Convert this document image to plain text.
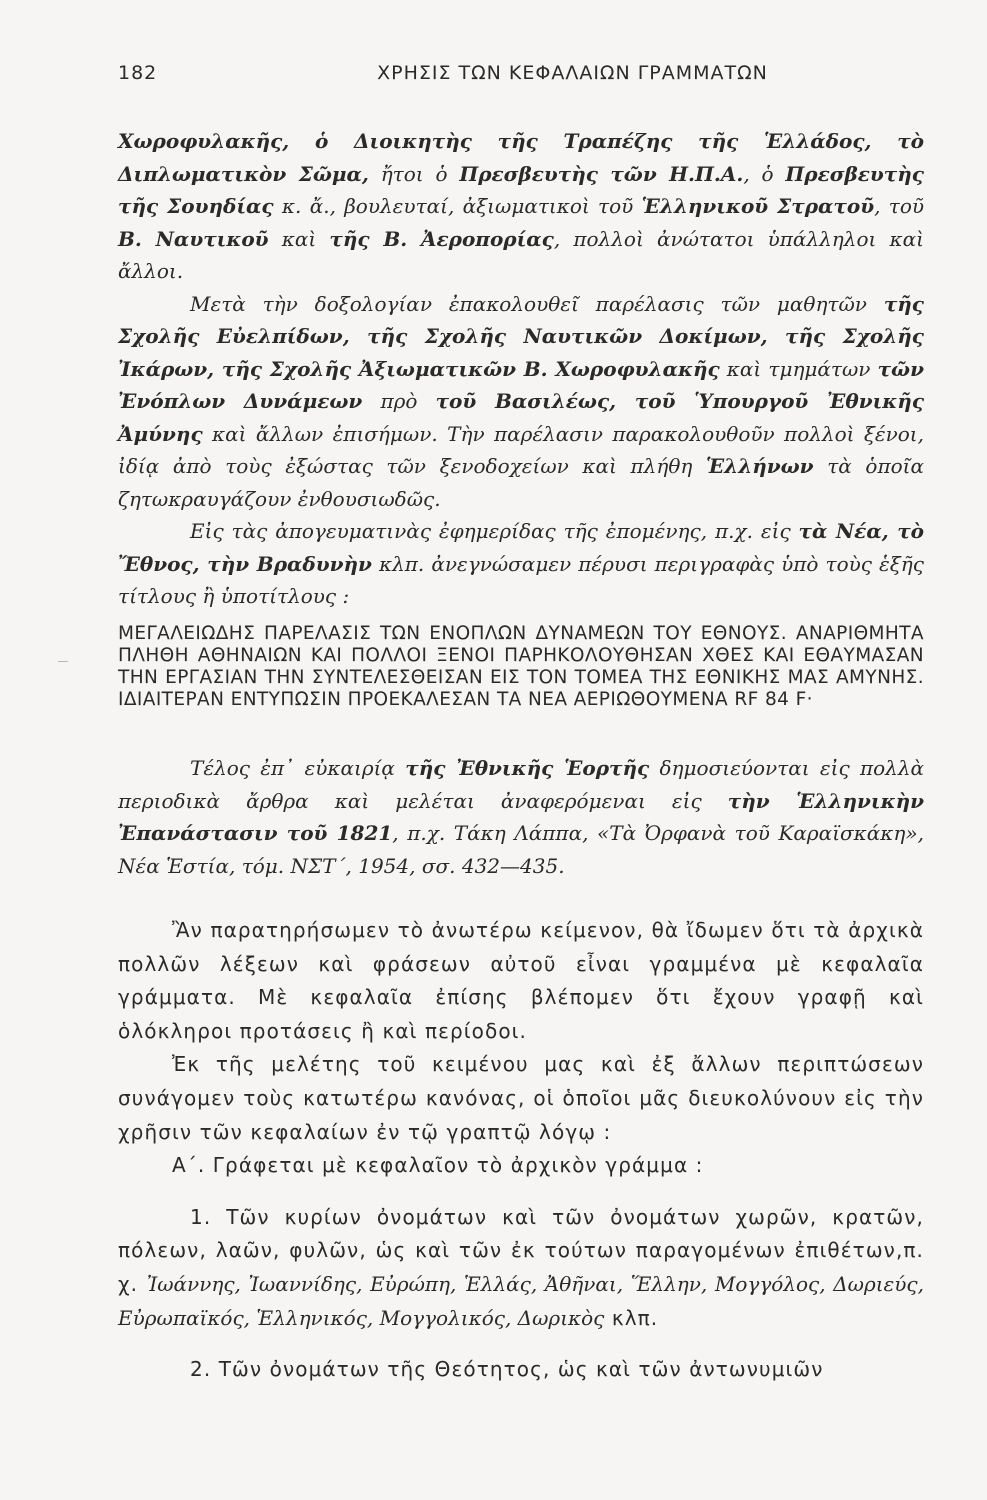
182	ΧΡΗΣΙΣ ΤΩΝ ΚΕΦΑΛΑΙΩΝ ΓΡΑΜΜΑΤΩΝ

Χωροφυλακῆς, ὁ Διοικητὴς τῆς Τραπέζης τῆς Ἑλλάδος, τὸ Διπλωματικὸν Σῶμα, ἤτοι ὁ Πρεσβευτὴς τῶν Η.Π.Α., ὁ Πρεσβευτὴς τῆς Σουηδίας κ. ἄ., βουλευταί, ἀξιωματικοὶ τοῦ Ἑλληνικοῦ Στρατοῦ, τοῦ Β. Ναυτικοῦ καὶ τῆς Β. Ἀεροπορίας, πολλοὶ ἀνώτατοι ὑπάλληλοι καὶ ἄλλοι.

Μετὰ τὴν δοξολογίαν ἐπακολουθεῖ παρέλασις τῶν μαθητῶν τῆς Σχολῆς Εὐελπίδων, τῆς Σχολῆς Ναυτικῶν Δοκίμων, τῆς Σχολῆς Ἰκάρων, τῆς Σχολῆς Ἀξιωματικῶν Β. Χωροφυλακῆς καὶ τμημάτων τῶν Ἐνόπλων Δυνάμεων πρὸ τοῦ Βασιλέως, τοῦ Ὑπουργοῦ Ἐθνικῆς Ἀμύνης καὶ ἄλλων ἐπισήμων. Τὴν παρέλασιν παρακολουθοῦν πολλοὶ ξένοι, ἰδίᾳ ἀπὸ τοὺς ἐξώστας τῶν ξενοδοχείων καὶ πλήθη Ἑλλήνων τὰ ὁποῖα ζητωκραυγάζουν ἐνθουσιωδῶς.

Εἰς τὰς ἀπογευματινὰς ἐφημερίδας τῆς ἐπομένης, π.χ. εἰς τὰ Νέα, τὸ Ἔθνος, τὴν Βραδυνὴν κλπ. ἀνεγνώσαμεν πέρυσι περιγραφὰς ὑπὸ τοὺς ἑξῆς τίτλους ἢ ὑποτίτλους :

ΜΕΓΑΛΕΙΩΔΗΣ ΠΑΡΕΛΑΣΙΣ ΤΩΝ ΕΝΟΠΛΩΝ ΔΥΝΑΜΕΩΝ ΤΟΥ ΕΘΝΟΥΣ. ΑΝΑΡΙΘΜΗΤΑ ΠΛΗΘΗ ΑΘΗΝΑΙΩΝ ΚΑΙ ΠΟΛΛΟΙ ΞΕΝΟΙ ΠΑΡΗΚΟΛΟΥΘΗΣΑΝ ΧΘΕΣ ΚΑΙ ΕΘΑΥΜΑΣΑΝ ΤΗΝ ΕΡΓΑΣΙΑΝ ΤΗΝ ΣΥΝΤΕΛΕΣΘΕΙΣΑΝ ΕΙΣ ΤΟΝ ΤΟΜΕΑ ΤΗΣ ΕΘΝΙΚΗΣ ΜΑΣ ΑΜΥΝΗΣ. ΙΔΙΑΙΤΕΡΑΝ ΕΝΤΥΠΩΣΙΝ ΠΡΟΕΚΑΛΕΣΑΝ ΤΑ ΝΕΑ ΑΕΡΙΩΘΟΥΜΕΝΑ RF 84 F·

Τέλος ἐπ᾿ εὐκαιρίᾳ τῆς Ἐθνικῆς Ἑορτῆς δημοσιεύονται εἰς πολλὰ περιοδικὰ ἄρθρα καὶ μελέται ἀναφερόμεναι εἰς τὴν Ἑλληνικὴν Ἐπανάστασιν τοῦ 1821, π.χ. Τάκη Λάππα, «Τὰ Ὀρφανὰ τοῦ Καραϊσκάκη», Νέα Ἑστία, τόμ. ΝΣΤ΄, 1954, σσ. 432—435.

Ἂν παρατηρήσωμεν τὸ ἀνωτέρω κείμενον, θὰ ἴδωμεν ὅτι τὰ ἀρχικὰ πολλῶν λέξεων καὶ φράσεων αὐτοῦ εἶναι γραμμένα μὲ κεφαλαῖα γράμματα. Μὲ κεφαλαῖα ἐπίσης βλέπομεν ὅτι ἔχουν γραφῇ καὶ ὁλόκληροι προτάσεις ἢ καὶ περίοδοι.

Ἐκ τῆς μελέτης τοῦ κειμένου μας καὶ ἐξ ἄλλων περιπτώσεων συνάγομεν τοὺς κατωτέρω κανόνας, οἱ ὁποῖοι μᾶς διευκολύνουν εἰς τὴν χρῆσιν τῶν κεφαλαίων ἐν τῷ γραπτῷ λόγῳ :

Α΄. Γράφεται μὲ κεφαλαῖον τὸ ἀρχικὸν γράμμα :

1. Τῶν κυρίων ὀνομάτων καὶ τῶν ὀνομάτων χωρῶν, κρατῶν, πόλεων, λαῶν, φυλῶν, ὡς καὶ τῶν ἐκ τούτων παραγομένων ἐπιθέτων,π. χ. Ἰωάννης, Ἰωαννίδης, Εὐρώπη, Ἑλλάς, Ἀθῆναι, Ἕλλην, Μογγόλος, Δωριεύς, Εὐρωπαϊκός, Ἑλληνικός, Μογγολικός, Δωρικὸς κλπ.

2. Τῶν ὀνομάτων τῆς Θεότητος, ὡς καὶ τῶν ἀντωνυμιῶν
